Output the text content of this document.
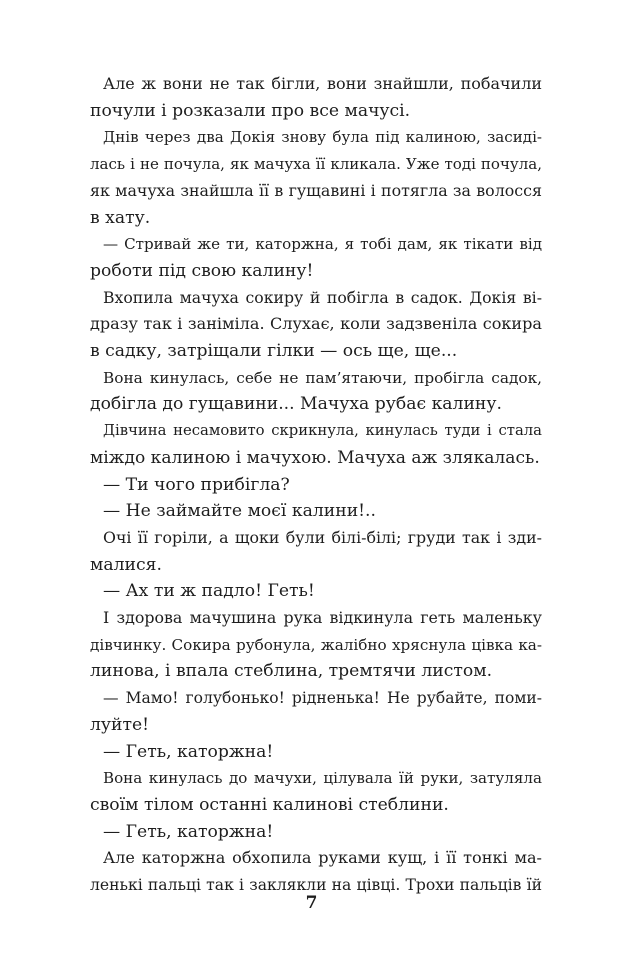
Але ж вони не так бігли, вони знайшли, побачили
почули і розказали про все мачусі.
Днів через два Докія знову була під калиною, засиді-
лась і не почула, як мачуха її кликала. Уже тоді почула,
як мачуха знайшла її в гущавині і потягла за волосся
в хату.
— Стривай же ти, каторжна, я тобі дам, як тікати від
роботи під свою калину!
Вхопила мачуха сокиру й побігла в садок. Докія ві-
дразу так і заніміла. Слухає, коли задзвеніла сокира
в садку, затріщали гілки — ось ще, ще...
Вона кинулась, себе не пам’ятаючи, пробігла садок,
добігла до гущавини... Мачуха рубає калину.
Дівчина несамовито скрикнула, кинулась туди і стала
міждо калиною і мачухою. Мачуха аж злякалась.
— Ти чого прибігла?
— Не займайте моєї калини!..
Очі її горіли, а щоки були білі-білі; груди так і зди-
малися.
— Ах ти ж падло! Геть!
І здорова мачушина рука відкинула геть маленьку
дівчинку. Сокира рубонула, жалібно хряснула цівка ка-
линова, і впала стеблина, тремтячи листом.
— Мамо! голубонько! рідненька! Не рубайте, поми-
луйте!
— Геть, каторжна!
Вона кинулась до мачухи, цілувала їй руки, затуляла
своїм тілом останні калинові стеблини.
— Геть, каторжна!
Але каторжна обхопила руками кущ, і її тонкі ма-
ленькі пальці так і заклякли на цівці. Трохи пальців їй
7
